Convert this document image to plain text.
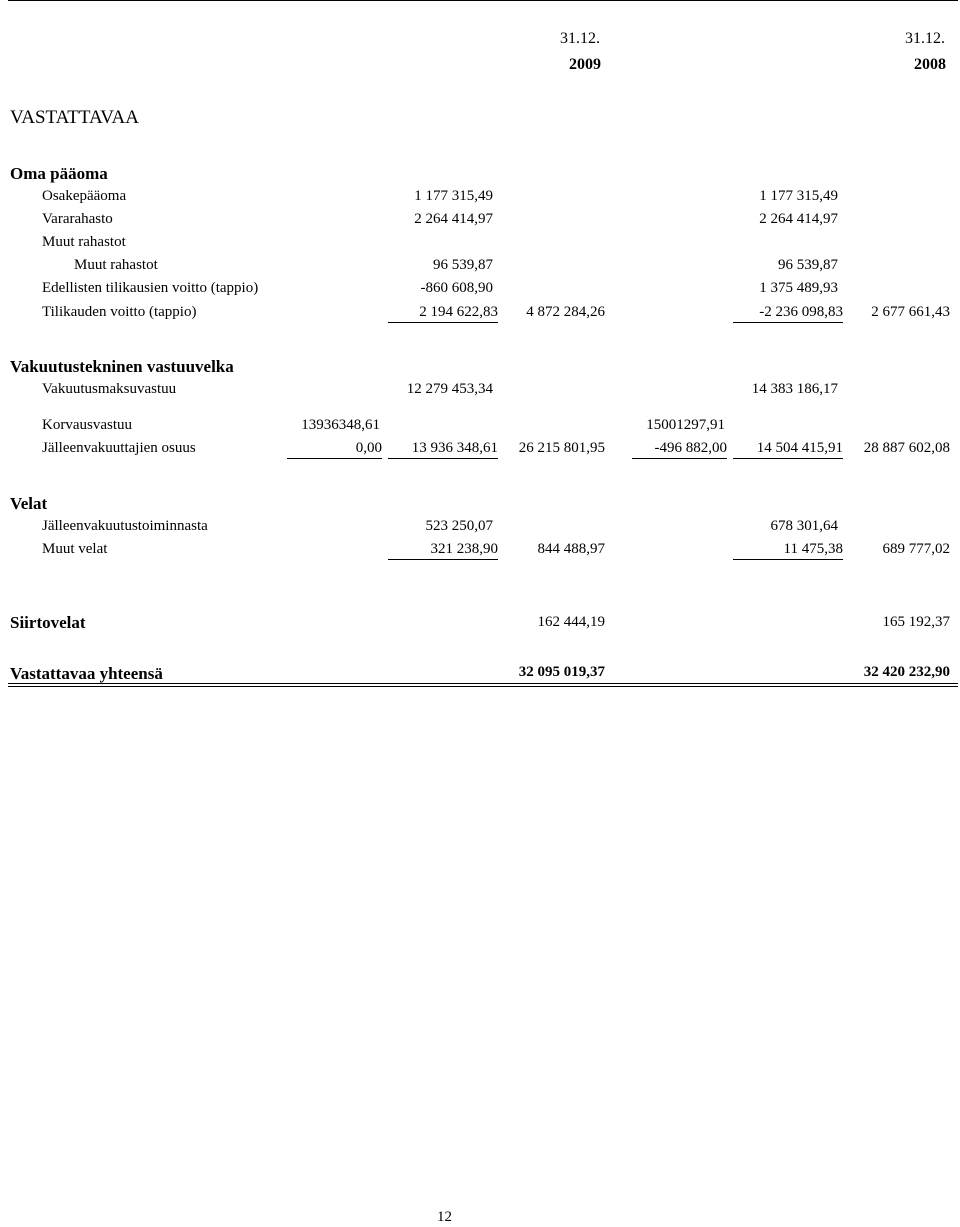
31.12.
2009
31.12.
2008
VASTATTAVAA
Oma pääoma
Osakepääoma	1 177 315,49	1 177 315,49
Vararahasto	2 264 414,97	2 264 414,97
Muut rahastot
Muut rahastot	96 539,87	96 539,87
Edellisten tilikausien voitto (tappio)	-860 608,90	1 375 489,93
Tilikauden voitto (tappio)	2 194 622,83	4 872 284,26	-2 236 098,83	2 677 661,43
Vakuutustekninen vastuuvelka
Vakuutusmaksuvastuu	12 279 453,34	14 383 186,17
Korvausvastuu	13936348,61	15001297,91
Jälleenvakuuttajien osuus	0,00	13 936 348,61	26 215 801,95	-496 882,00	14 504 415,91	28 887 602,08
Velat
Jälleenvakuutustoiminnasta	523 250,07	678 301,64
Muut velat	321 238,90	844 488,97	11 475,38	689 777,02
Siirtovelat	162 444,19	165 192,37
Vastattavaa yhteensä	32 095 019,37	32 420 232,90
12
